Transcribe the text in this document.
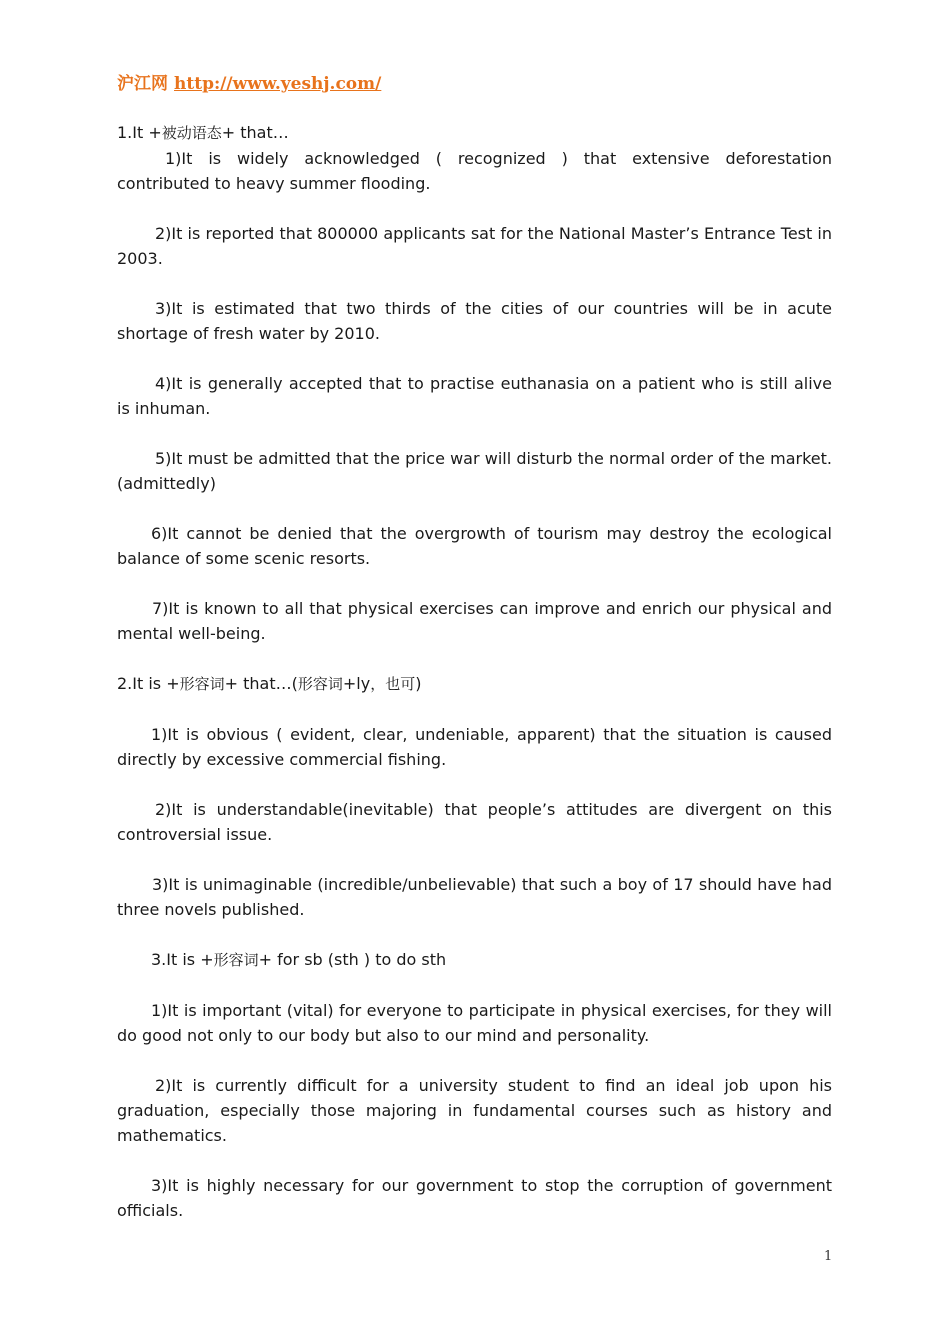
沪江网 http://www.yeshj.com/

1.It +被动语态+ that…

1)It is widely acknowledged ( recognized ) that extensive deforestation contributed to heavy summer flooding.

2)It is reported that 800000 applicants sat for the National Master’s Entrance Test in 2003.

3)It is estimated that two thirds of the cities of our countries will be in acute shortage of fresh water by 2010.

4)It is generally accepted that to practise euthanasia on a patient who is still alive is inhuman.

5)It must be admitted that the price war will disturb the normal order of the market. (admittedly)

6)It cannot be denied that the overgrowth of tourism may destroy the ecological balance of some scenic resorts.

7)It is known to all that physical exercises can improve and enrich our physical and mental well-being.

2.It is +形容词+ that…(形容词+ly，也可)

1)It is obvious ( evident, clear, undeniable, apparent) that the situation is caused directly by excessive commercial fishing.

2)It is understandable(inevitable) that people’s attitudes are divergent on this controversial issue.

3)It is unimaginable (incredible/unbelievable) that such a boy of 17 should have had three novels published.

3.It is +形容词+ for sb (sth ) to do sth

1)It is important (vital) for everyone to participate in physical exercises, for they will do good not only to our body but also to our mind and personality.

2)It is currently difficult for a university student to find an ideal job upon his graduation, especially those majoring in fundamental courses such as history and mathematics.

3)It is highly necessary for our government to stop the corruption of government officials.

1
